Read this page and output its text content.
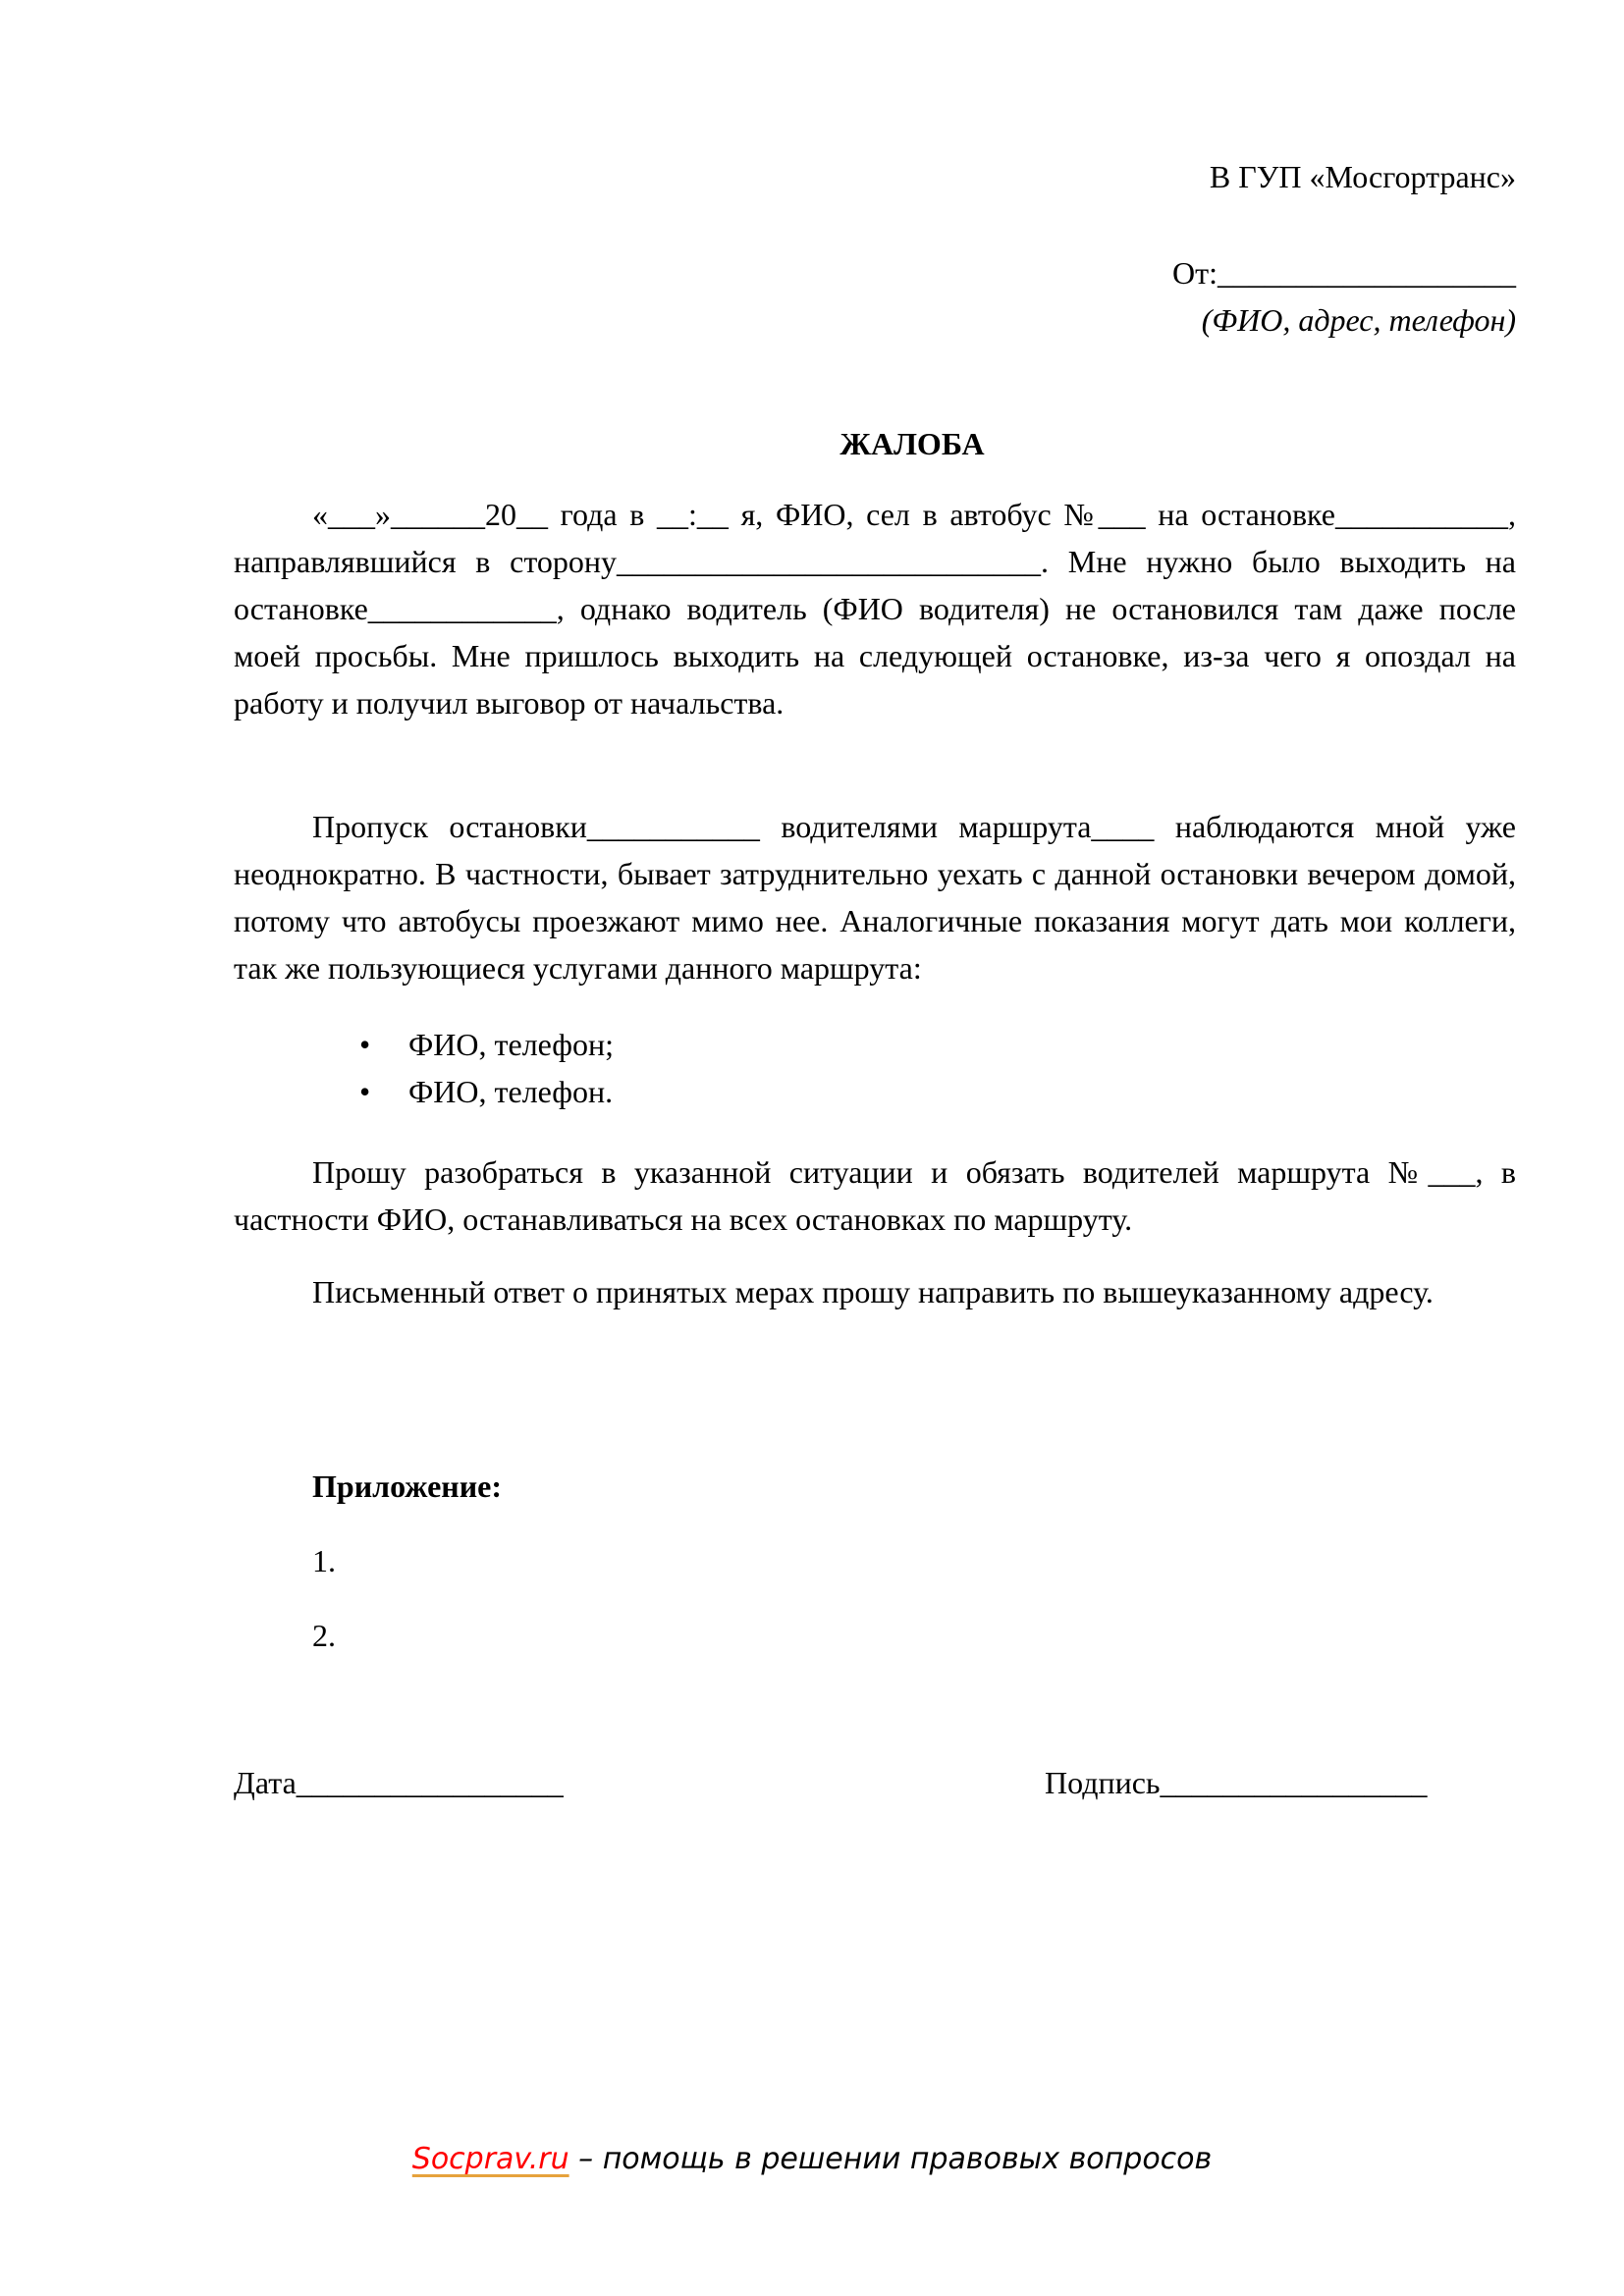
В ГУП «Мосгортранс»
От:___________________
(ФИО, адрес, телефон)
ЖАЛОБА

«___»______20__ года в __:__ я, ФИО, сел в автобус №___ на остановке___________, направлявшийся в сторону___________________________. Мне нужно было выходить на остановке____________, однако водитель (ФИО водителя) не остановился там даже после моей просьбы. Мне пришлось выходить на следующей остановке, из-за чего я опоздал на работу и получил выговор от начальства.

Пропуск остановки___________ водителями маршрута____ наблюдаются мной уже неоднократно. В частности, бывает затруднительно уехать с данной остановки вечером домой, потому что автобусы проезжают мимо нее. Аналогичные показания могут дать мои коллеги, так же пользующиеся услугами данного маршрута:

• ФИО, телефон;
• ФИО, телефон.

Прошу разобраться в указанной ситуации и обязать водителей маршрута №___, в частности ФИО, останавливаться на всех остановках по маршруту.

Письменный ответ о принятых мерах прошу направить по вышеуказанному адресу.

Приложение:
1.
2.
Дата_________________	Подпись_________________
Socprav.ru – помощь в решении правовых вопросов
